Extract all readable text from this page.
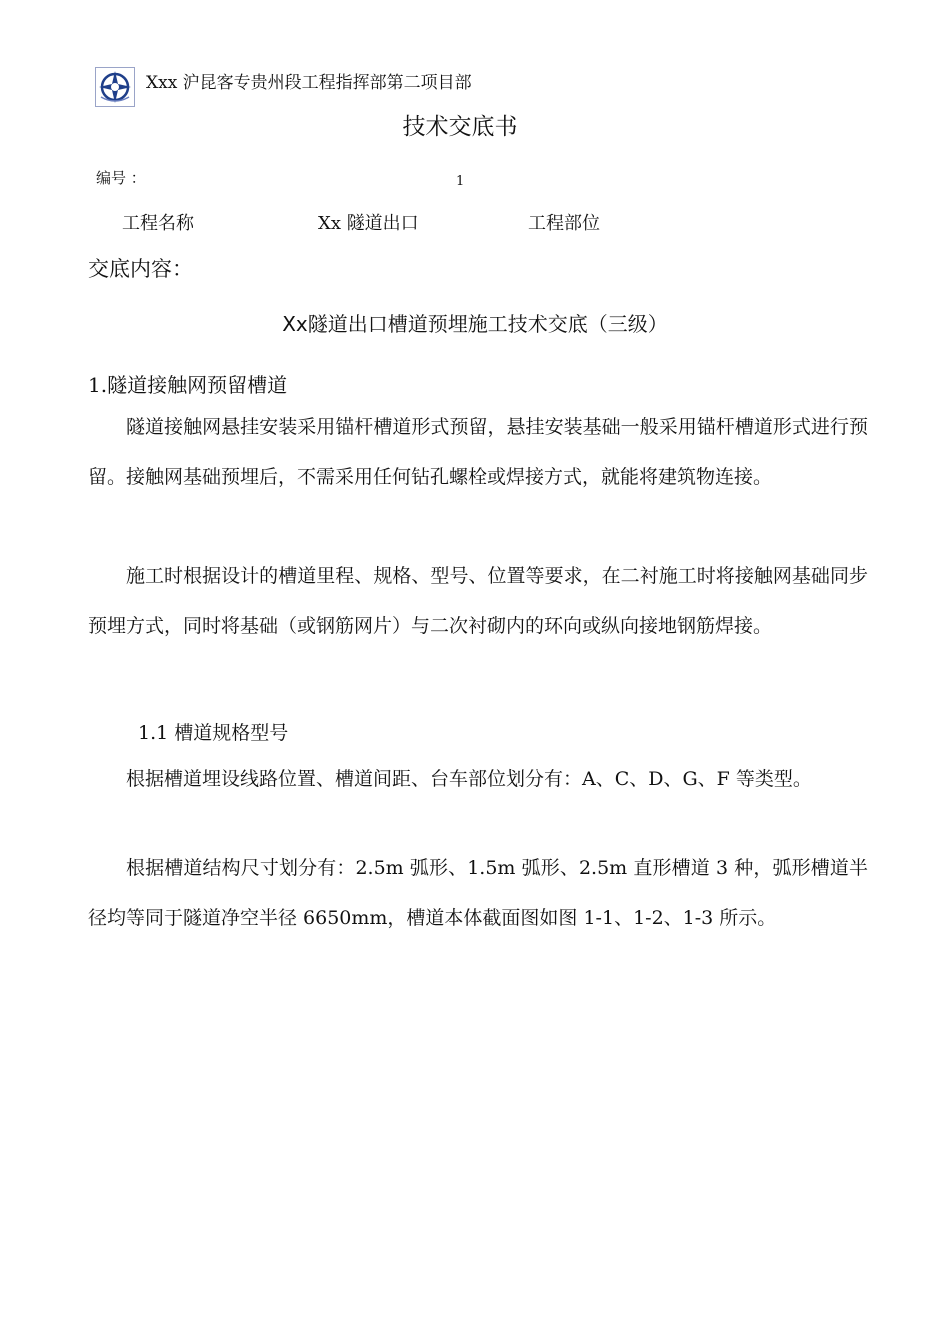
Xxx 沪昆客专贵州段工程指挥部第二项目部
技术交底书
编号 ：	1
工程名称	Xx 隧道出口	工程部位
交底内容：
Xx隧道出口槽道预埋施工技术交底（三级）
1.隧道接触网预留槽道

隧道接触网悬挂安装采用锚杆槽道形式预留，悬挂安装基础一般采用锚杆槽道形式进行预留。接触网基础预埋后，不需采用任何钻孔螺栓或焊接方式，就能将建筑物连接。

施工时根据设计的槽道里程、规格、型号、位置等要求，在二衬施工时将接触网基础同步预埋方式，同时将基础（或钢筋网片）与二次衬砌内的环向或纵向接地钢筋焊接。

1.1 槽道规格型号

根据槽道埋设线路位置、槽道间距、台车部位划分有：A、C、D、G、F 等类型。

根据槽道结构尺寸划分有：2.5m 弧形、1.5m 弧形、2.5m 直形槽道 3 种，弧形槽道半径均等同于隧道净空半径 6650mm，槽道本体截面图如图 1-1、1-2、1-3 所示。
